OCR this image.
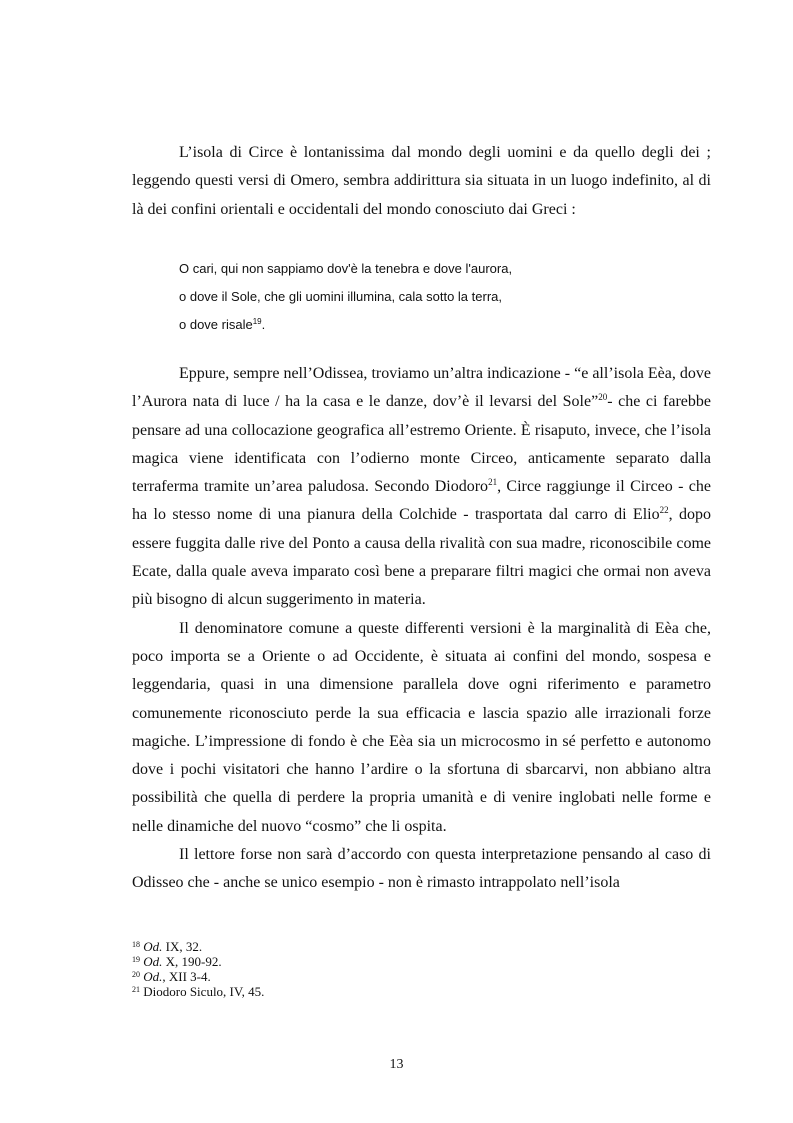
L’isola di Circe è lontanissima dal mondo degli uomini e da quello degli dei ; leggendo questi versi di Omero, sembra addirittura sia situata in un luogo indefinito, al di là dei confini orientali e occidentali del mondo conosciuto dai Greci :

O cari, qui non sappiamo dov'è la tenebra e dove l'aurora,
o dove il Sole, che gli uomini illumina, cala sotto la terra,
o dove risale$^{19}$.

Eppure, sempre nell’Odissea, troviamo un’altra indicazione - “e all’isola Eèa, dove l’Aurora nata di luce / ha la casa e le danze, dov’è il levarsi del Sole”$^{20}$- che ci farebbe pensare ad una collocazione geografica all’estremo Oriente. È risaputo, invece, che l’isola magica viene identificata con l’odierno monte Circeo, anticamente separato dalla terraferma tramite un’area paludosa. Secondo Diodoro$^{21}$, Circe raggiunge il Circeo - che ha lo stesso nome di una pianura della Colchide - trasportata dal carro di Elio$^{22}$, dopo essere fuggita dalle rive del Ponto a causa della rivalità con sua madre, riconoscibile come Ecate, dalla quale aveva imparato così bene a preparare filtri magici che ormai non aveva più bisogno di alcun suggerimento in materia.

Il denominatore comune a queste differenti versioni è la marginalità di Eèa che, poco importa se a Oriente o ad Occidente, è situata ai confini del mondo, sospesa e leggendaria, quasi in una dimensione parallela dove ogni riferimento e parametro comunemente riconosciuto perde la sua efficacia e lascia spazio alle irrazionali forze magiche. L’impressione di fondo è che Eèa sia un microcosmo in sé perfetto e autonomo dove i pochi visitatori che hanno l’ardire o la sfortuna di sbarcarvi, non abbiano altra possibilità che quella di perdere la propria umanità e di venire inglobati nelle forme e nelle dinamiche del nuovo “cosmo” che li ospita.

Il lettore forse non sarà d’accordo con questa interpretazione pensando al caso di Odisseo che - anche se unico esempio - non è rimasto intrappolato nell’isola

$^{18}$ Od. IX, 32.
$^{19}$ Od. X, 190-92.
$^{20}$ Od., XII 3-4.
$^{21}$ Diodoro Siculo, IV, 45.
13
